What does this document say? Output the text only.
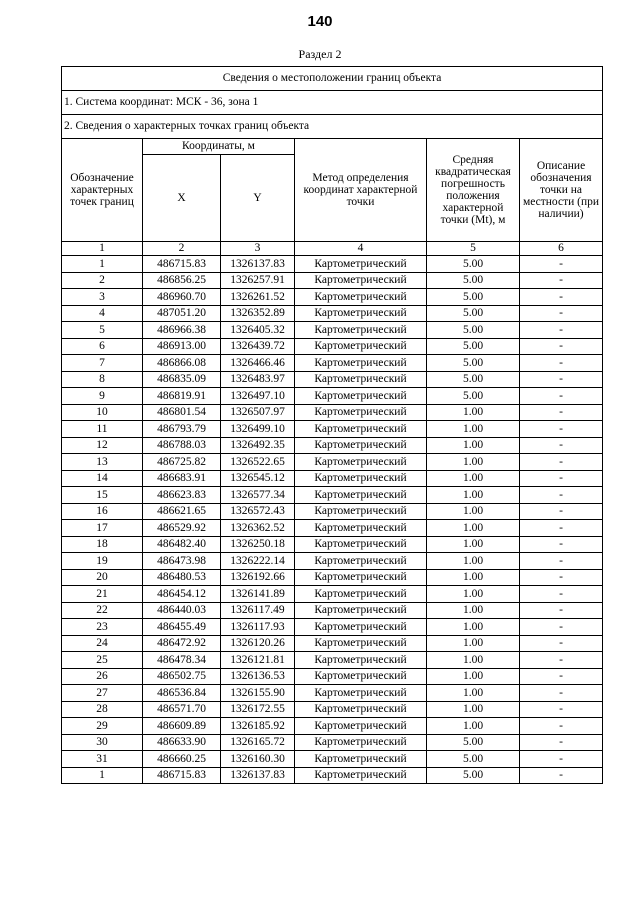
140
Раздел 2
Сведения о местоположении границ объекта					
1. Система координат: МСК - 36, зона 1					
2. Сведения о характерных точках границ объекта					
Обозначение характерных точек границ	Координаты, м		Метод определения координат характерной точки	Средняя квадратическая погрешность положения характерной точки (Mt), м	Описание обозначения точки на местности (при наличии)
	X	Y			
1	2	3	4	5	6
1	486715.83	1326137.83	Картометрический	5.00	-
2	486856.25	1326257.91	Картометрический	5.00	-
3	486960.70	1326261.52	Картометрический	5.00	-
4	487051.20	1326352.89	Картометрический	5.00	-
5	486966.38	1326405.32	Картометрический	5.00	-
6	486913.00	1326439.72	Картометрический	5.00	-
7	486866.08	1326466.46	Картометрический	5.00	-
8	486835.09	1326483.97	Картометрический	5.00	-
9	486819.91	1326497.10	Картометрический	5.00	-
10	486801.54	1326507.97	Картометрический	1.00	-
11	486793.79	1326499.10	Картометрический	1.00	-
12	486788.03	1326492.35	Картометрический	1.00	-
13	486725.82	1326522.65	Картометрический	1.00	-
14	486683.91	1326545.12	Картометрический	1.00	-
15	486623.83	1326577.34	Картометрический	1.00	-
16	486621.65	1326572.43	Картометрический	1.00	-
17	486529.92	1326362.52	Картометрический	1.00	-
18	486482.40	1326250.18	Картометрический	1.00	-
19	486473.98	1326222.14	Картометрический	1.00	-
20	486480.53	1326192.66	Картометрический	1.00	-
21	486454.12	1326141.89	Картометрический	1.00	-
22	486440.03	1326117.49	Картометрический	1.00	-
23	486455.49	1326117.93	Картометрический	1.00	-
24	486472.92	1326120.26	Картометрический	1.00	-
25	486478.34	1326121.81	Картометрический	1.00	-
26	486502.75	1326136.53	Картометрический	1.00	-
27	486536.84	1326155.90	Картометрический	1.00	-
28	486571.70	1326172.55	Картометрический	1.00	-
29	486609.89	1326185.92	Картометрический	1.00	-
30	486633.90	1326165.72	Картометрический	5.00	-
31	486660.25	1326160.30	Картометрический	5.00	-
1	486715.83	1326137.83	Картометрический	5.00	-
